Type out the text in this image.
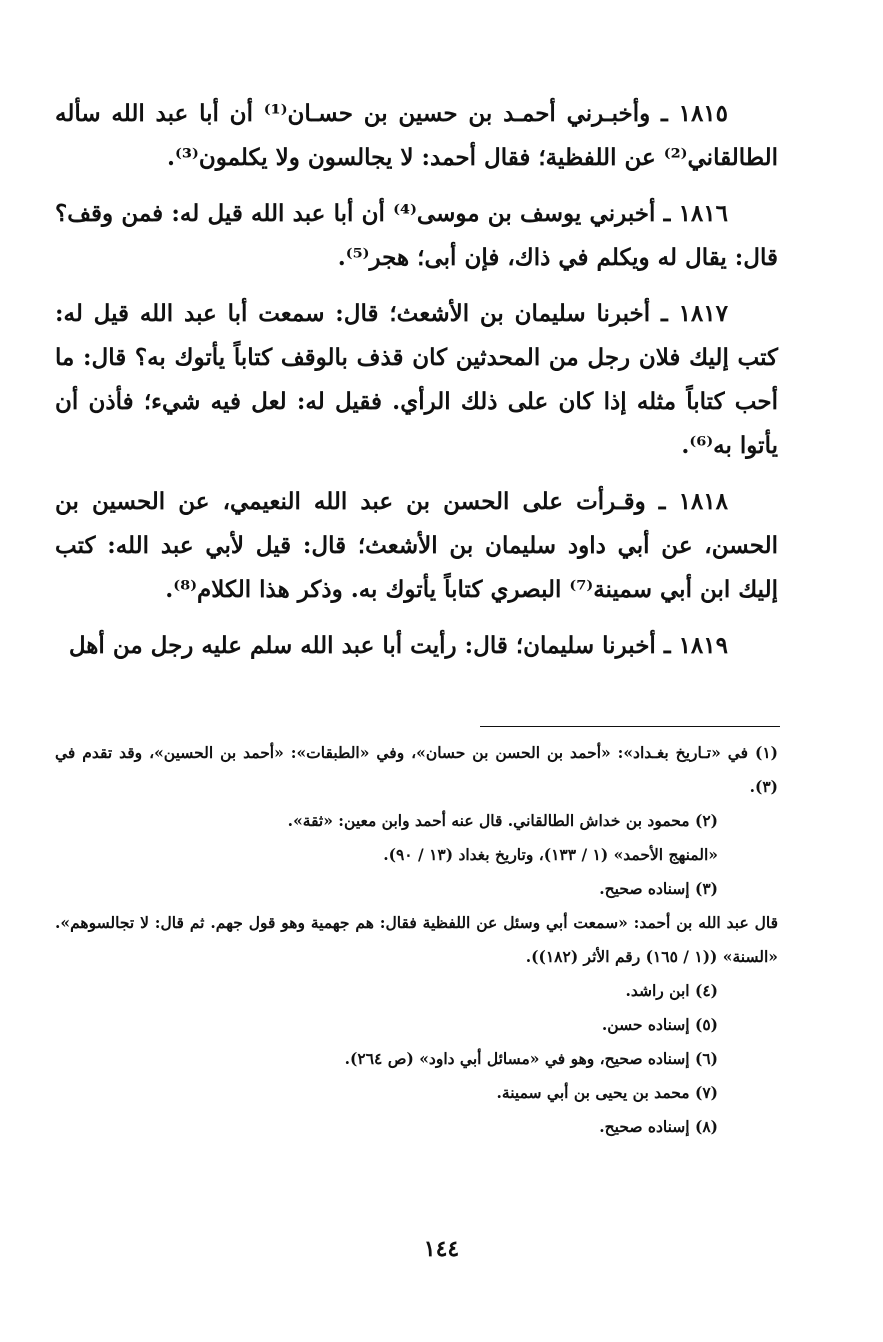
١٨١٥ ـ وأخبـرني أحمـد بن حسين بن حسـان⁽¹⁾ أن أبا عبد الله سأله الطالقاني⁽²⁾ عن اللفظية؛ فقال أحمد: لا يجالسون ولا يكلمون⁽³⁾.

١٨١٦ ـ أخبرني يوسف بن موسى⁽⁴⁾ أن أبا عبد الله قيل له: فمن وقف؟ قال: يقال له ويكلم في ذاك، فإن أبى؛ هجر⁽⁵⁾.

١٨١٧ ـ أخبرنا سليمان بن الأشعث؛ قال: سمعت أبا عبد الله قيل له: كتب إليك فلان رجل من المحدثين كان قذف بالوقف كتاباً يأتوك به؟ قال: ما أحب كتاباً مثله إذا كان على ذلك الرأي. فقيل له: لعل فيه شيء؛ فأذن أن يأتوا به⁽⁶⁾.

١٨١٨ ـ وقـرأت على الحسن بن عبد الله النعيمي، عن الحسين بن الحسن، عن أبي داود سليمان بن الأشعث؛ قال: قيل لأبي عبد الله: كتب إليك ابن أبي سمينة⁽⁷⁾ البصري كتاباً يأتوك به. وذكر هذا الكلام⁽⁸⁾.

١٨١٩ ـ أخبرنا سليمان؛ قال: رأيت أبا عبد الله سلم عليه رجل من أهل

(١) في «تـاريخ بغـداد»: «أحمد بن الحسن بن حسان»، وفي «الطبقات»: «أحمد بن الحسين»، وقد تقدم في (٣).

(٢) محمود بن خداش الطالقاني. قال عنه أحمد وابن معين: «ثقة».

«المنهج الأحمد» (١ / ١٣٣)، وتاريخ بغداد (١٣ / ٩٠).

(٣) إسناده صحيح.

قال عبد الله بن أحمد: «سمعت أبي وسئل عن اللفظية فقال: هم جهمية وهو قول جهم. ثم قال: لا تجالسوهم». «السنة» ((١ / ١٦٥) رقم الأثر (١٨٢)).

(٤) ابن راشد.

(٥) إسناده حسن.

(٦) إسناده صحيح، وهو في «مسائل أبي داود» (ص ٢٦٤).

(٧) محمد بن يحيى بن أبي سمينة.

(٨) إسناده صحيح.

١٤٤
